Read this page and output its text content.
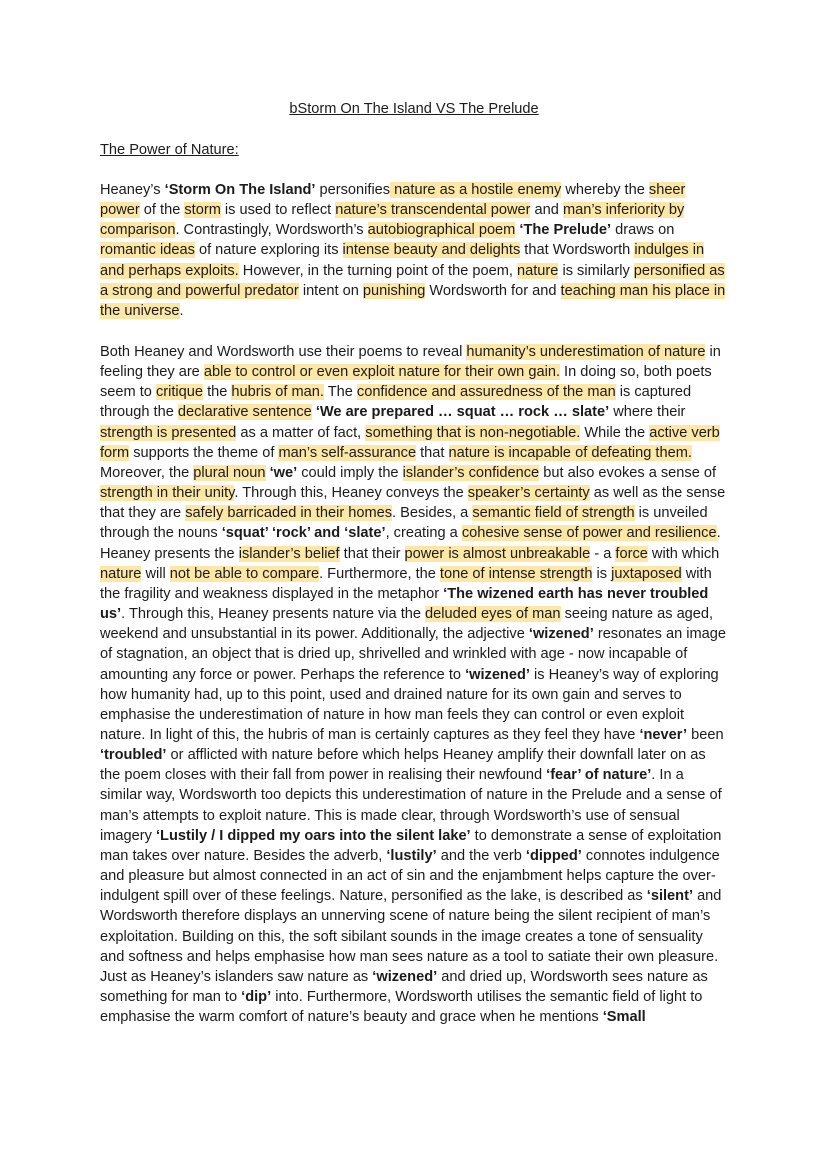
bStorm On The Island VS The Prelude
The Power of Nature:

Heaney’s ‘Storm On The Island’ personifies nature as a hostile enemy whereby the sheer power of the storm is used to reflect nature’s transcendental power and man’s inferiority by comparison. Contrastingly, Wordsworth’s autobiographical poem ‘The Prelude’ draws on romantic ideas of nature exploring its intense beauty and delights that Wordsworth indulges in and perhaps exploits. However, in the turning point of the poem, nature is similarly personified as a strong and powerful predator intent on punishing Wordsworth for and teaching man his place in the universe.

Both Heaney and Wordsworth use their poems to reveal humanity’s underestimation of nature in feeling they are able to control or even exploit nature for their own gain. In doing so, both poets seem to critique the hubris of man. The confidence and assuredness of the man is captured through the declarative sentence ‘We are prepared … squat … rock … slate’ where their strength is presented as a matter of fact, something that is non-negotiable. While the active verb form supports the theme of man’s self-assurance that nature is incapable of defeating them. Moreover, the plural noun ‘we’ could imply the islander’s confidence but also evokes a sense of strength in their unity. Through this, Heaney conveys the speaker’s certainty as well as the sense that they are safely barricaded in their homes. Besides, a semantic field of strength is unveiled through the nouns ‘squat’ ‘rock’ and ‘slate’, creating a cohesive sense of power and resilience. Heaney presents the islander’s belief that their power is almost unbreakable - a force with which nature will not be able to compare. Furthermore, the tone of intense strength is juxtaposed with the fragility and weakness displayed in the metaphor ‘The wizened earth has never troubled us’. Through this, Heaney presents nature via the deluded eyes of man seeing nature as aged, weekend and unsubstantial in its power. Additionally, the adjective ‘wizened’ resonates an image of stagnation, an object that is dried up, shrivelled and wrinkled with age - now incapable of amounting any force or power. Perhaps the reference to ‘wizened’ is Heaney’s way of exploring how humanity had, up to this point, used and drained nature for its own gain and serves to emphasise the underestimation of nature in how man feels they can control or even exploit nature. In light of this, the hubris of man is certainly captures as they feel they have ‘never’ been ‘troubled’ or afflicted with nature before which helps Heaney amplify their downfall later on as the poem closes with their fall from power in realising their newfound ‘fear’ of nature’. In a similar way, Wordsworth too depicts this underestimation of nature in the Prelude and a sense of man’s attempts to exploit nature. This is made clear, through Wordsworth’s use of sensual imagery ‘Lustily / I dipped my oars into the silent lake’ to demonstrate a sense of exploitation man takes over nature. Besides the adverb, ‘lustily’ and the verb ‘dipped’ connotes indulgence and pleasure but almost connected in an act of sin and the enjambment helps capture the over-indulgent spill over of these feelings. Nature, personified as the lake, is described as ‘silent’ and Wordsworth therefore displays an unnerving scene of nature being the silent recipient of man’s exploitation. Building on this, the soft sibilant sounds in the image creates a tone of sensuality and softness and helps emphasise how man sees nature as a tool to satiate their own pleasure. Just as Heaney’s islanders saw nature as ‘wizened’ and dried up, Wordsworth sees nature as something for man to ‘dip’ into. Furthermore, Wordsworth utilises the semantic field of light to emphasise the warm comfort of nature’s beauty and grace when he mentions ‘Small
